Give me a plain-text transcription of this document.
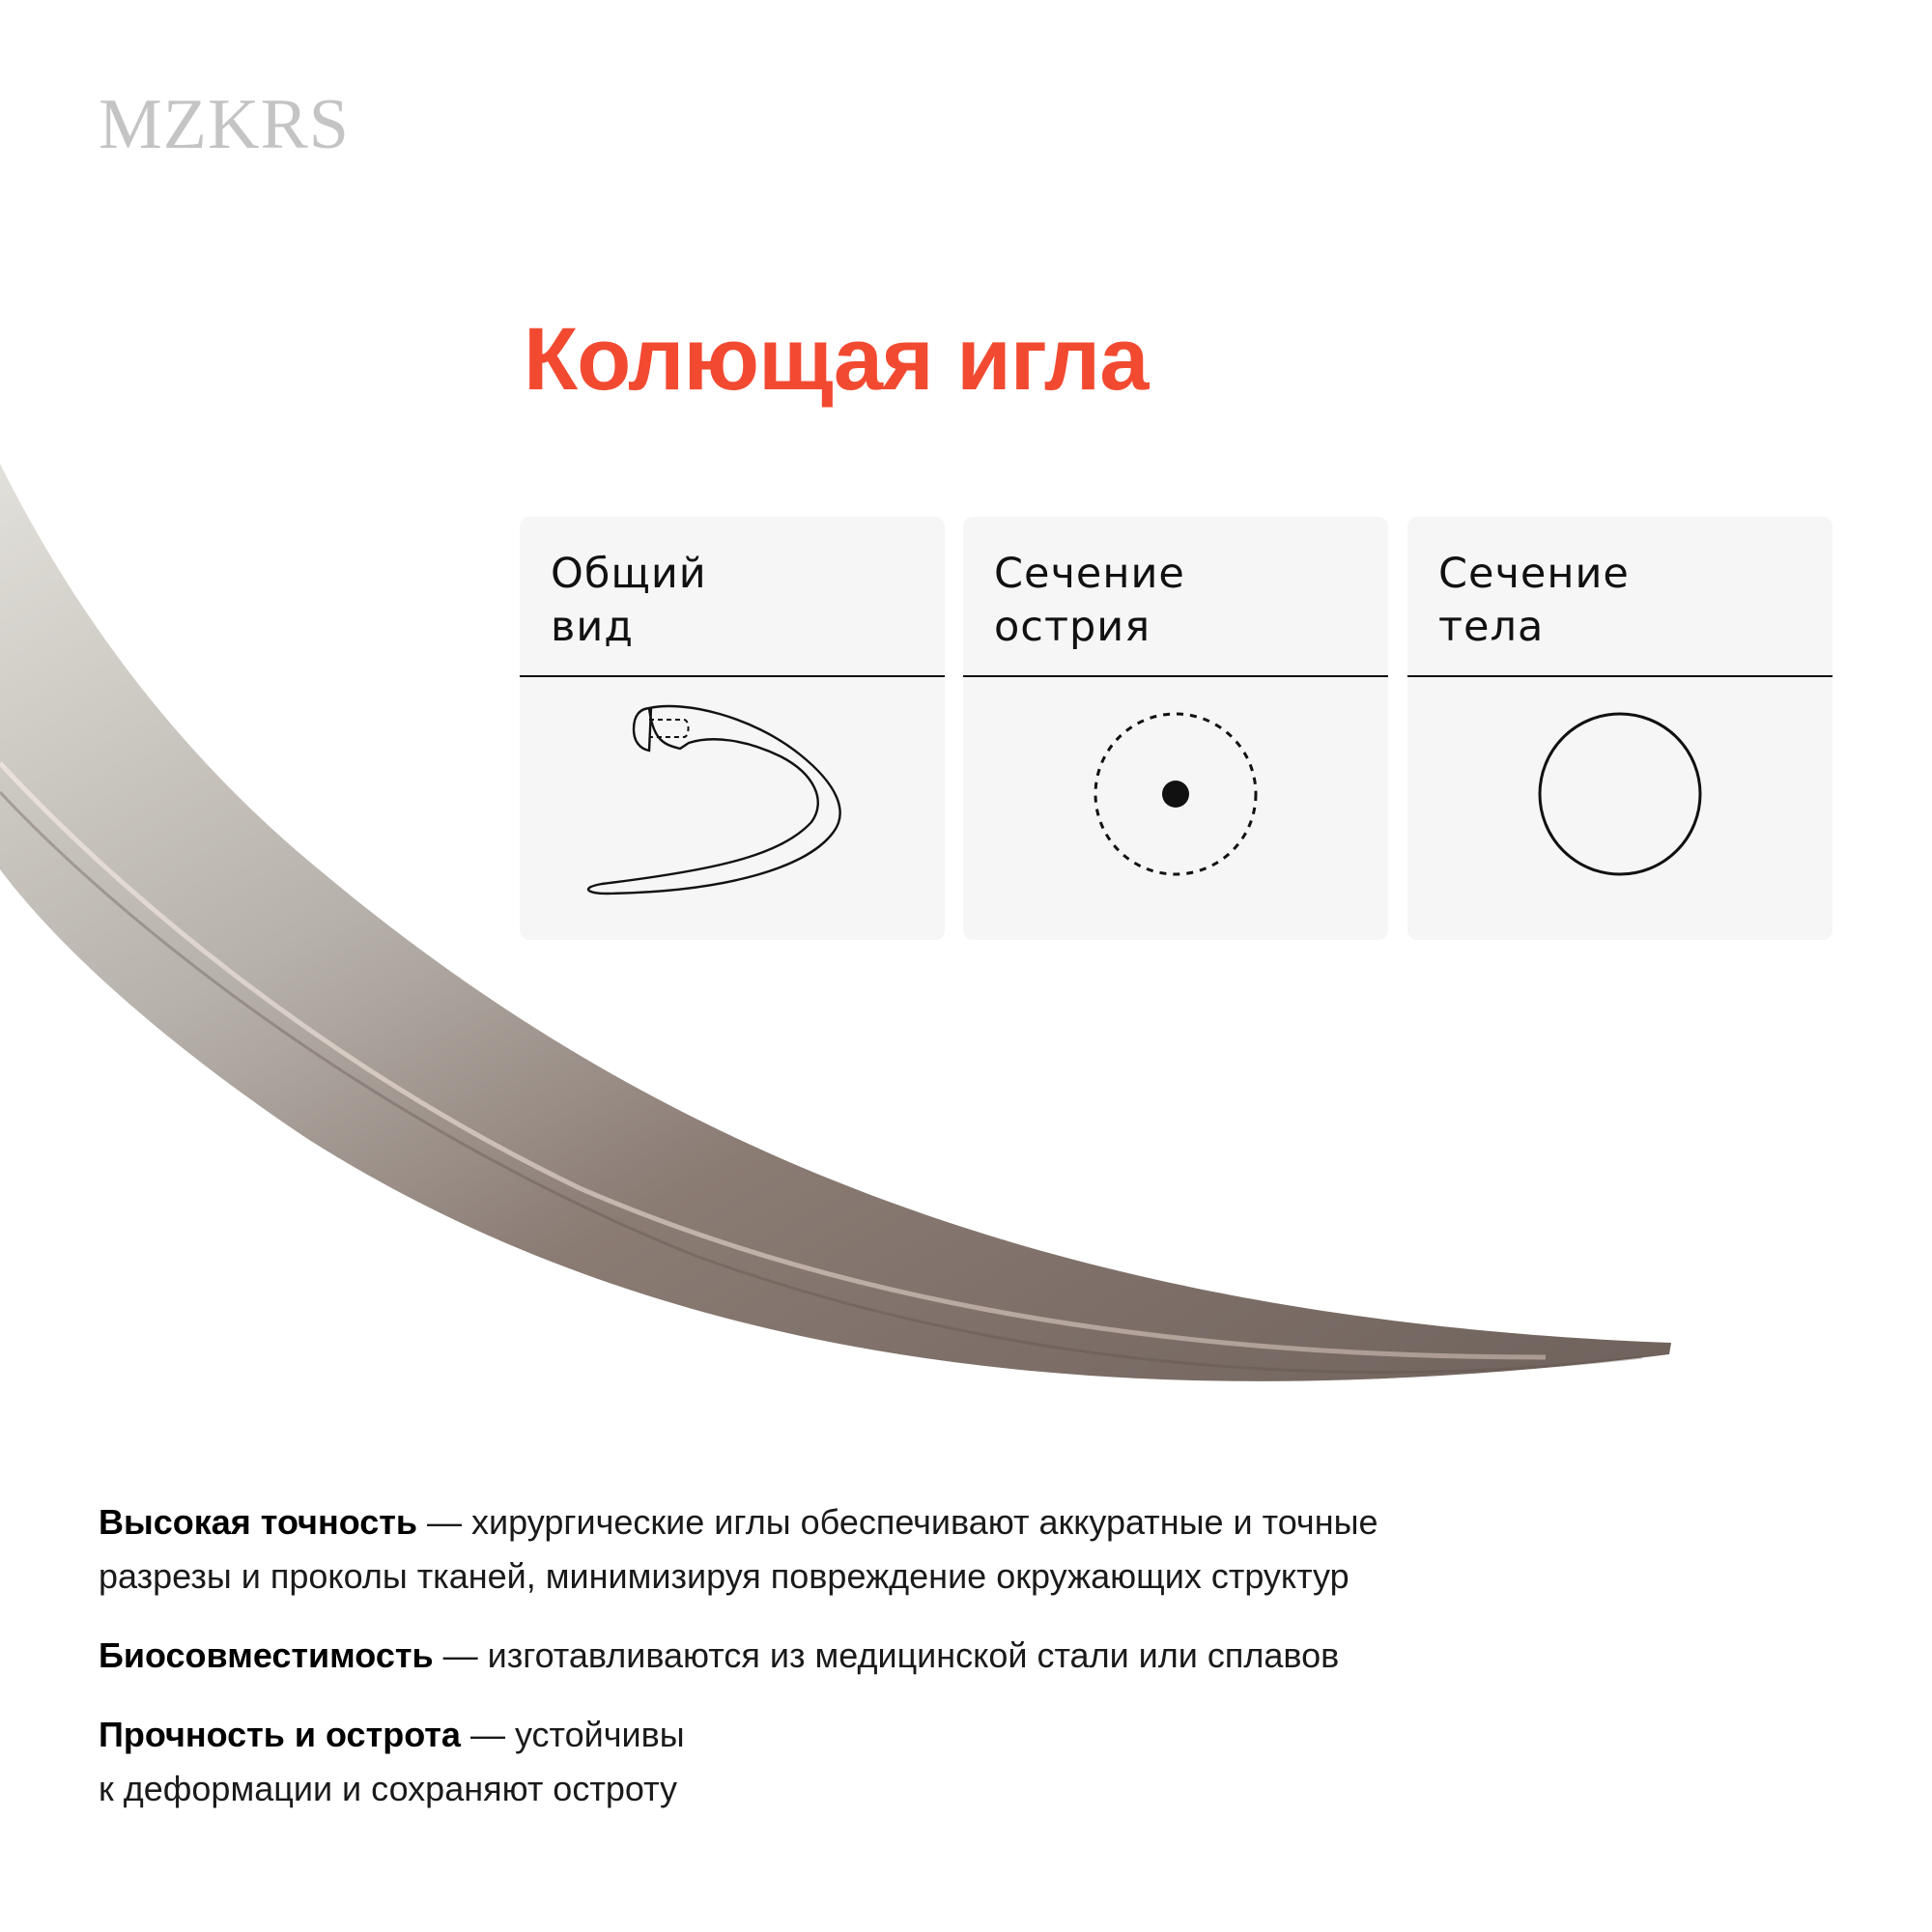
MZKRS
Колющая игла
Общий
вид
Сечение
острия
Сечение
тела

Высокая точность — хирургические иглы обеспечивают аккуратные и точные
разрезы и проколы тканей, минимизируя повреждение окружающих структур

Биосовместимость — изготавливаются из медицинской стали или сплавов

Прочность и острота — устойчивы
к деформации и сохраняют остроту
